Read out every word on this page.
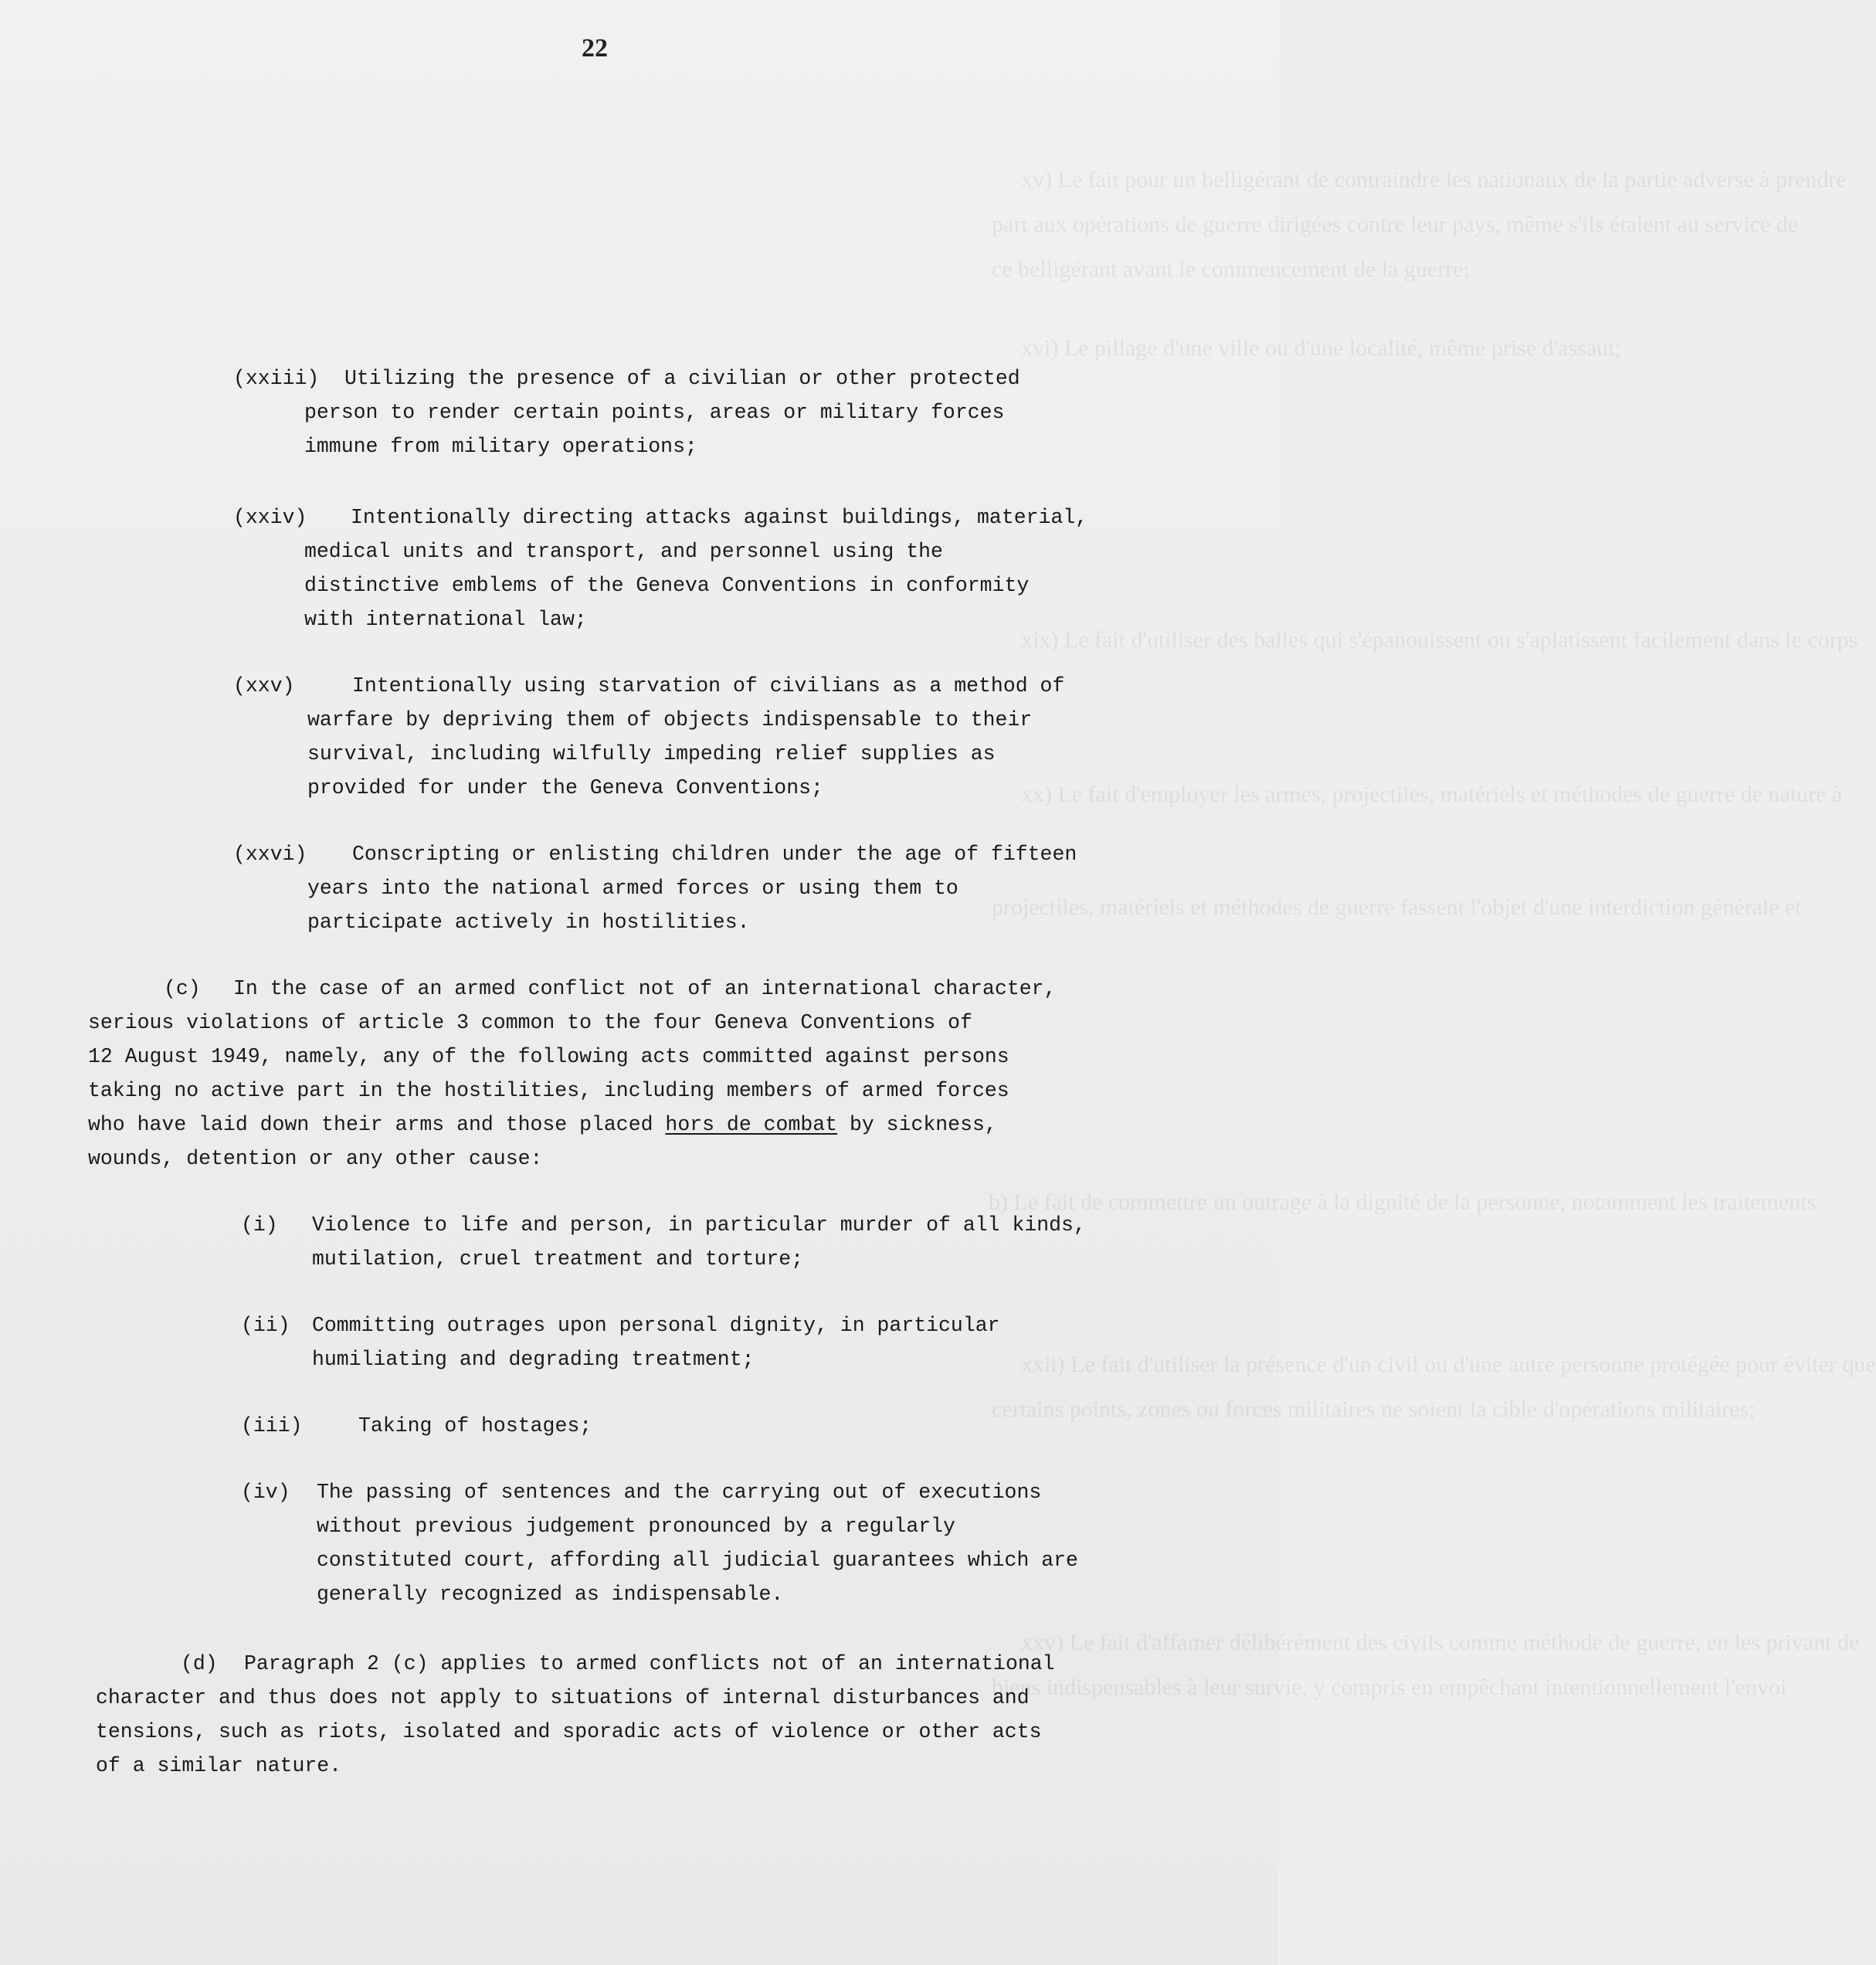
xv) Le fait pour un belligérant de contraindre les nationaux de la partie adverse à prendre
part aux opérations de guerre dirigées contre leur pays, même s'ils étaient au service de
ce belligérant avant le commencement de la guerre;
xvi) Le pillage d'une ville ou d'une localité, même prise d'assaut;
xix) Le fait d'utiliser des balles qui s'épanouissent ou s'aplatissent facilement dans le corps
xx) Le fait d'employer les armes, projectiles, matériels et méthodes de guerre de nature à
projectiles, matériels et méthodes de guerre fassent l'objet d'une interdiction générale et
b) Le fait de commettre un outrage à la dignité de la personne, notamment les traitements
xxii) Le fait d'utiliser la présence d'un civil ou d'une autre personne protégée pour éviter que
certains points, zones ou forces militaires ne soient la cible d'opérations militaires;
xxv) Le fait d'affamer délibérément des civils comme méthode de guerre, en les privant de
biens indispensables à leur survie, y compris en empêchant intentionnellement l'envoi
22

(xxiii) Utilizing the presence of a civilian or other protected

person to render certain points, areas or military forces

immune from military operations;

(xxiv) Intentionally directing attacks against buildings, material,

medical units and transport, and personnel using the

distinctive emblems of the Geneva Conventions in conformity

with international law;

(xxv)	Intentionally using starvation of civilians as a method of

warfare by depriving them of objects indispensable to their

survival, including wilfully impeding relief supplies as

provided for under the Geneva Conventions;

(xxvi) Conscripting or enlisting children under the age of fifteen

years into the national armed forces or using them to

participate actively in hostilities.

(c) In the case of an armed conflict not of an international character,

serious violations of article 3 common to the four Geneva Conventions of

12 August 1949, namely, any of the following acts committed against persons

taking no active part in the hostilities, including members of armed forces

who have laid down their arms and those placed hors de combat by sickness,

wounds, detention or any other cause:

(i) Violence to life and person, in particular murder of all kinds,

mutilation, cruel treatment and torture;

(ii) Committing outrages upon personal dignity, in particular

humiliating and degrading treatment;

(iii)	Taking of hostages;

(iv) The passing of sentences and the carrying out of executions

without previous judgement pronounced by a regularly

constituted court, affording all judicial guarantees which are

generally recognized as indispensable.

(d) Paragraph 2 (c) applies to armed conflicts not of an international

character and thus does not apply to situations of internal disturbances and

tensions, such as riots, isolated and sporadic acts of violence or other acts

of a similar nature.
